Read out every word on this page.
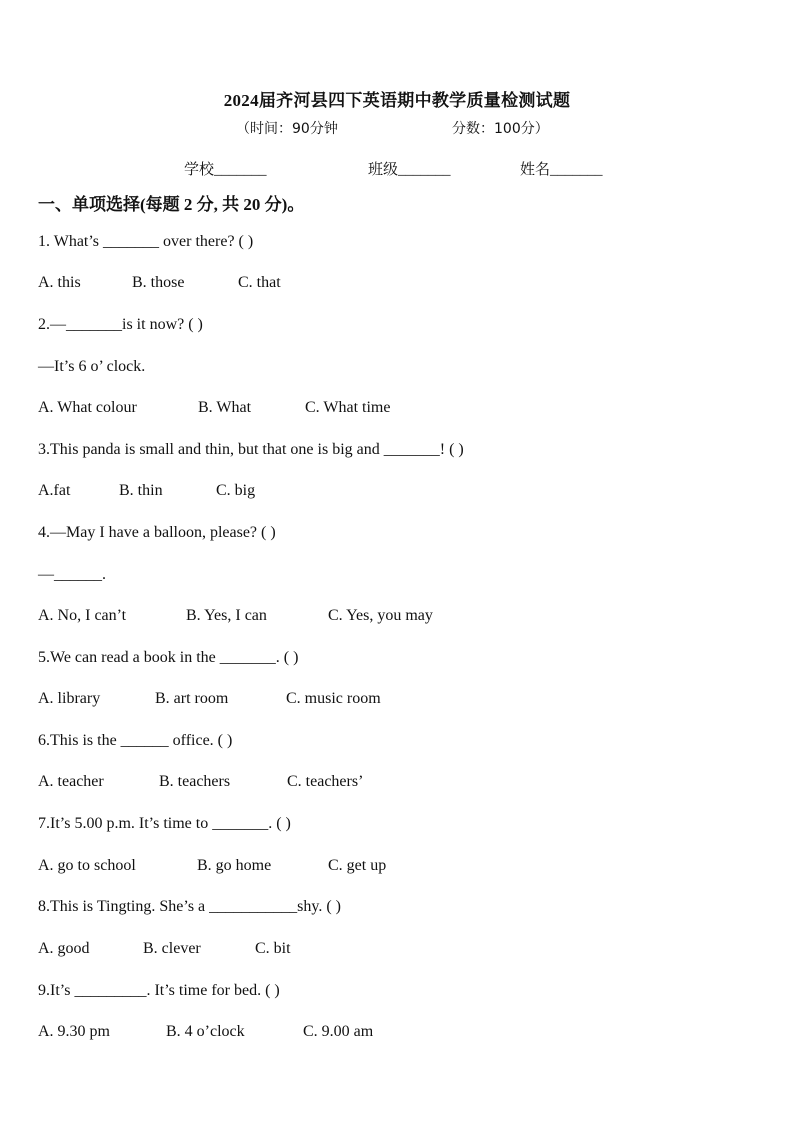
2024届齐河县四下英语期中教学质量检测试题
（时间：90分钟	分数：100分）
学校_______	班级_______	姓名_______
一、单项选择(每题 2 分, 共 20 分)。
1. What’s _______ over there? ( )
A. this	B. those	C. that
2.—_______is it now? ( )
—It’s 6 o’ clock.
A. What colour	B. What	C. What time
3.This panda is small and thin, but that one is big and _______! ( )
A.fat	B. thin	C. big
4.—May I have a balloon, please? ( )
—______.
A. No, I can’t	B. Yes, I can	C. Yes, you may
5.We can read a book in the _______. ( )
A. library	B. art room	C. music room
6.This is the ______ office. ( )
A. teacher	B. teachers	C. teachers’
7.It’s 5.00 p.m. It’s time to _______. ( )
A. go to school	B. go home	C. get up
8.This is Tingting. She’s a ___________shy. ( )
A. good	B. clever	C. bit
9.It’s _________. It’s time for bed. ( )
A. 9.30 pm	B. 4 o’clock	C. 9.00 am
